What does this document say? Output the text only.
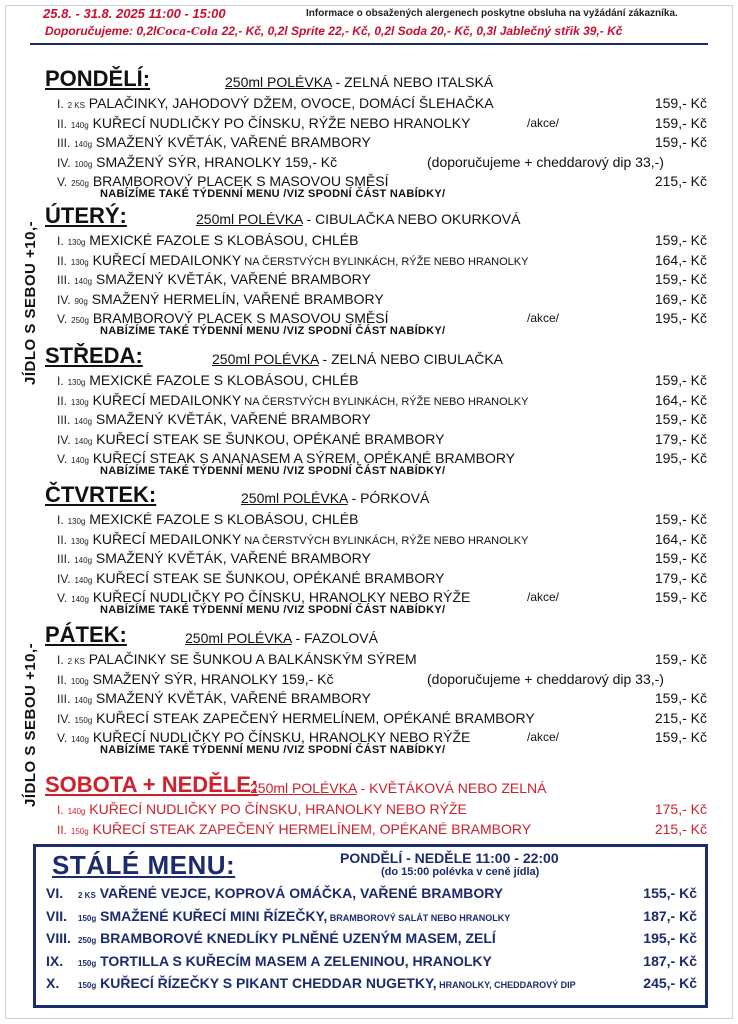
25.8. - 31.8. 2025 11:00 - 15:00	Informace o obsažených alergenech poskytne obsluha na vyžádání zákazníka.
Doporučujeme: 0,2lCoca-Cola 22,- Kč, 0,2l Sprite 22,- Kč, 0,2l Soda 20,- Kč, 0,3l Jablečný střik 39,- Kč
JÍDLO S SEBOU +10,-
JÍDLO S SEBOU +10,-
PONDĚLÍ:	250ml POLÉVKA - ZELNÁ NEBO ITALSKÁ
I. 2 KS PALAČINKY, JAHODOVÝ DŽEM, OVOCE, DOMÁCÍ ŠLEHAČKA	159,- Kč
II. 140g KUŘECÍ NUDLIČKY PO ČÍNSKU, RÝŽE NEBO HRANOLKY	/akce/	159,- Kč
III. 140g SMAŽENÝ KVĚTÁK, VAŘENÉ BRAMBORY	159,- Kč
IV. 100g SMAŽENÝ SÝR, HRANOLKY 159,- Kč	(doporučujeme + cheddarový dip 33,-)
V. 250g BRAMBOROVÝ PLACEK S MASOVOU SMĚSÍ	215,- Kč
NABÍZÍME TAKÉ TÝDENNÍ MENU /VIZ SPODNÍ ČÁST NABÍDKY/
ÚTERÝ:	250ml POLÉVKA - CIBULAČKA NEBO OKURKOVÁ
I. 130g MEXICKÉ FAZOLE S KLOBÁSOU, CHLÉB	159,- Kč
II. 130g KUŘECÍ MEDAILONKY NA ČERSTVÝCH BYLINKÁCH, RÝŽE NEBO HRANOLKY	164,- Kč
III. 140g SMAŽENÝ KVĚTÁK, VAŘENÉ BRAMBORY	159,- Kč
IV. 90g SMAŽENÝ HERMELÍN, VAŘENÉ BRAMBORY	169,- Kč
V. 250g BRAMBOROVÝ PLACEK S MASOVOU SMĚSÍ	/akce/	195,- Kč
NABÍZÍME TAKÉ TÝDENNÍ MENU /VIZ SPODNÍ ČÁST NABÍDKY/
STŘEDA:	250ml POLÉVKA - ZELNÁ NEBO CIBULAČKA
I. 130g MEXICKÉ FAZOLE S KLOBÁSOU, CHLÉB	159,- Kč
II. 130g KUŘECÍ MEDAILONKY NA ČERSTVÝCH BYLINKÁCH, RÝŽE NEBO HRANOLKY	164,- Kč
III. 140g SMAŽENÝ KVĚTÁK, VAŘENÉ BRAMBORY	159,- Kč
IV. 140g KUŘECÍ STEAK SE ŠUNKOU, OPÉKANÉ BRAMBORY	179,- Kč
V. 140g KUŘECÍ STEAK S ANANASEM A SÝREM, OPÉKANÉ BRAMBORY	195,- Kč
NABÍZÍME TAKÉ TÝDENNÍ MENU /VIZ SPODNÍ ČÁST NABÍDKY/
ČTVRTEK:	250ml POLÉVKA - PÓRKOVÁ
I. 130g MEXICKÉ FAZOLE S KLOBÁSOU, CHLÉB	159,- Kč
II. 130g KUŘECÍ MEDAILONKY NA ČERSTVÝCH BYLINKÁCH, RÝŽE NEBO HRANOLKY	164,- Kč
III. 140g SMAŽENÝ KVĚTÁK, VAŘENÉ BRAMBORY	159,- Kč
IV. 140g KUŘECÍ STEAK SE ŠUNKOU, OPÉKANÉ BRAMBORY	179,- Kč
V. 140g KUŘECÍ NUDLIČKY PO ČÍNSKU, HRANOLKY NEBO RÝŽE	/akce/	159,- Kč
NABÍZÍME TAKÉ TÝDENNÍ MENU /VIZ SPODNÍ ČÁST NABÍDKY/
PÁTEK:	250ml POLÉVKA - FAZOLOVÁ
I. 2 KS PALAČINKY SE ŠUNKOU A BALKÁNSKÝM SÝREM	159,- Kč
II. 100g SMAŽENÝ SÝR, HRANOLKY 159,- Kč	(doporučujeme + cheddarový dip 33,-)
III. 140g SMAŽENÝ KVĚTÁK, VAŘENÉ BRAMBORY	159,- Kč
IV. 150g KUŘECÍ STEAK ZAPEČENÝ HERMELÍNEM, OPÉKANÉ BRAMBORY	215,- Kč
V. 140g KUŘECÍ NUDLIČKY PO ČÍNSKU, HRANOLKY NEBO RÝŽE	/akce/	159,- Kč
NABÍZÍME TAKÉ TÝDENNÍ MENU /VIZ SPODNÍ ČÁST NABÍDKY/
SOBOTA + NEDĚLE:
250ml POLÉVKA - KVĚTÁKOVÁ NEBO ZELNÁ
I. 140g KUŘECÍ NUDLIČKY PO ČÍNSKU, HRANOLKY NEBO RÝŽE	175,- Kč
II. 150g KUŘECÍ STEAK ZAPEČENÝ HERMELÍNEM, OPÉKANÉ BRAMBORY	215,- Kč
STÁLÉ MENU:	PONDĚLÍ - NEDĚLE 11:00 - 22:00
(do 15:00 polévka v ceně jídla)
VI. 2 KS VAŘENÉ VEJCE, KOPROVÁ OMÁČKA, VAŘENÉ BRAMBORY	155,- Kč
VII. 150g SMAŽENÉ KUŘECÍ MINI ŘÍZEČKY, BRAMBOROVÝ SALÁT NEBO HRANOLKY	187,- Kč
VIII. 250g BRAMBOROVÉ KNEDLÍKY PLNĚNÉ UZENÝM MASEM, ZELÍ	195,- Kč
IX. 150g TORTILLA S KUŘECÍM MASEM A ZELENINOU, HRANOLKY	187,- Kč
X. 150g KUŘECÍ ŘÍZEČKY S PIKANT CHEDDAR NUGETKY, HRANOLKY, CHEDDAROVÝ DIP	245,- Kč
